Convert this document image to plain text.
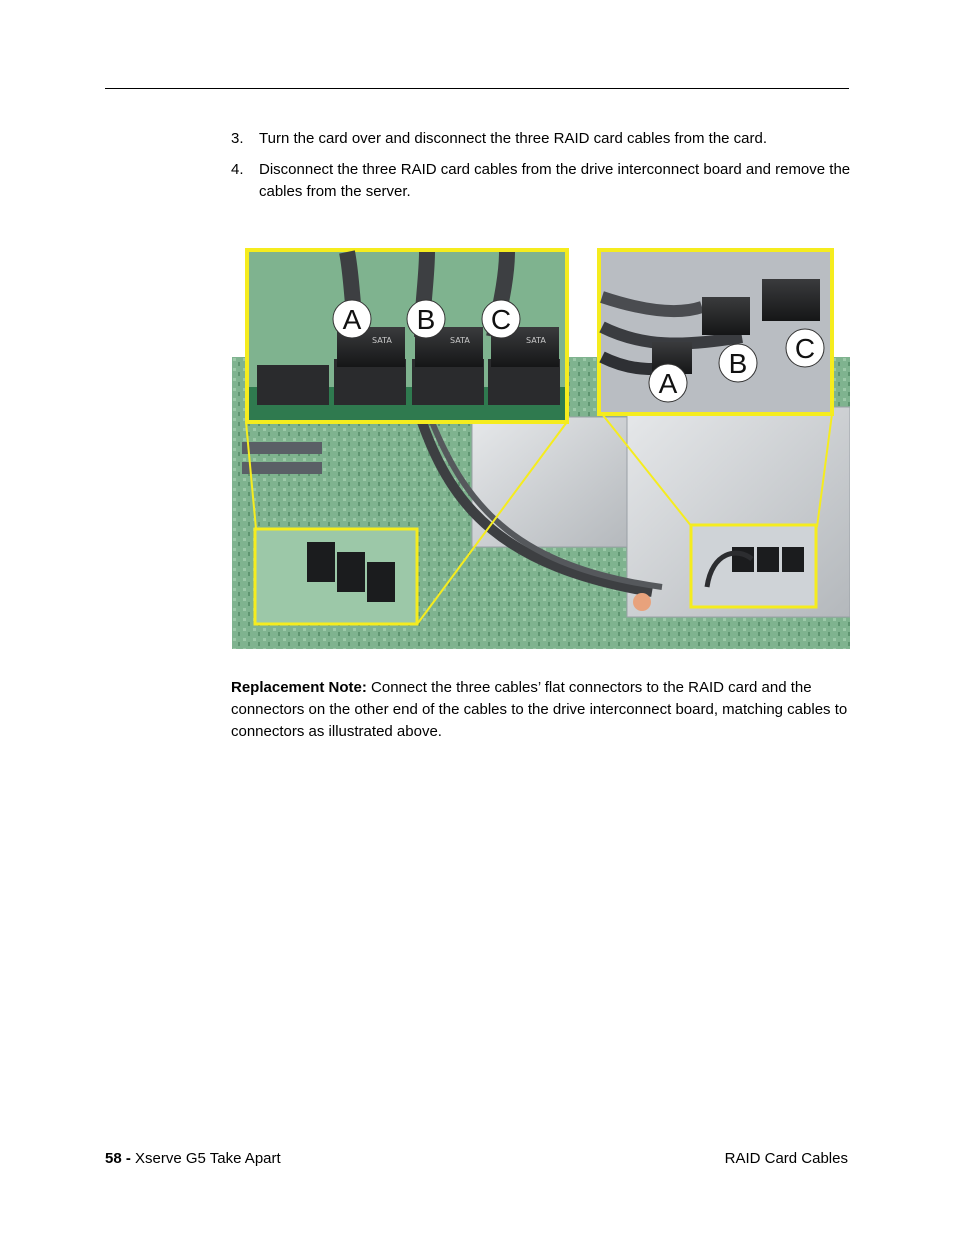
3.	Turn the card over and disconnect the three RAID card cables from the card.
4.	Disconnect the three RAID card cables from the drive interconnect board and remove the cables from the server.
SATA	SATA	SATA
A B C
A
B C
Replacement Note: Connect the three cables’ flat connectors to the RAID card and the connectors on the other end of the cables to the drive interconnect board, matching cables to connectors as illustrated above.
58 - Xserve G5 Take Apart	RAID Card Cables
